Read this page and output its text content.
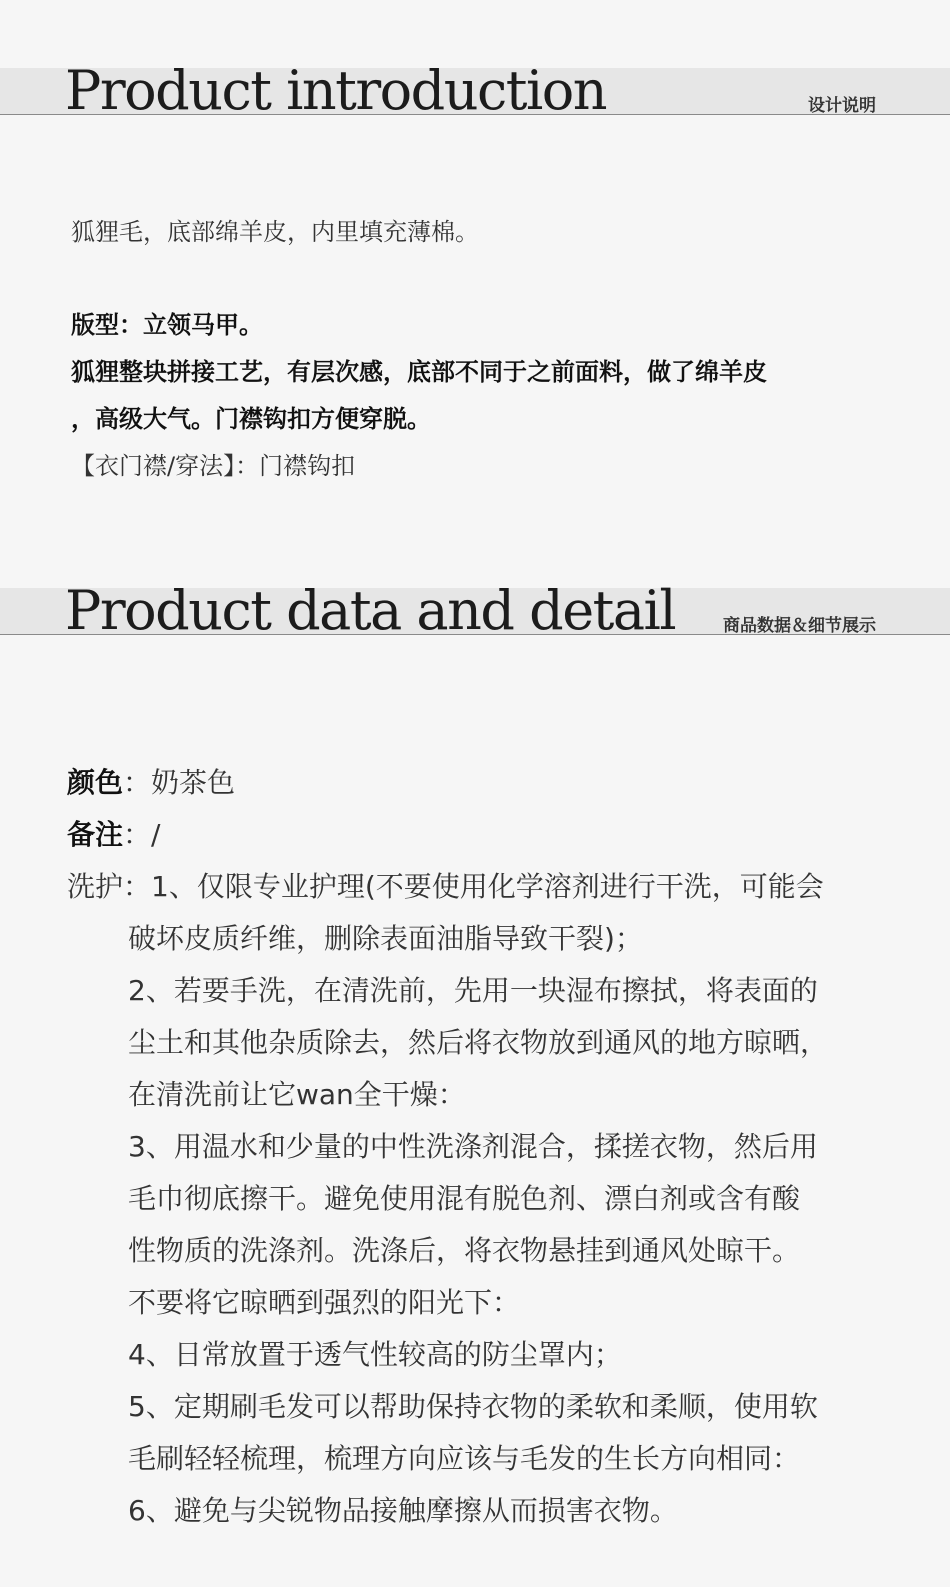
Product introduction	设计说明

狐狸毛，底部绵羊皮，内里填充薄棉。

版型：立领马甲。

狐狸整块拼接工艺，有层次感，底部不同于之前面料，做了绵羊皮

，高级大气。门襟钩扣方便穿脱。

【衣门襟/穿法】：门襟钩扣

Product data and detail	商品数据＆细节展示
颜色 ： 奶茶色
备注 ： /
洗护：1、仅限专业护理(不要使用化学溶剂进行干洗，可能会
破坏皮质纤维，删除表面油脂导致干裂)；
2、若要手洗，在清洗前，先用一块湿布擦拭，将表面的
尘土和其他杂质除去，然后将衣物放到通风的地方晾晒，
在清洗前让它wan全干燥：
3、用温水和少量的中性洗涤剂混合，揉搓衣物，然后用
毛巾彻底擦干。避免使用混有脱色剂、漂白剂或含有酸
性物质的洗涤剂。洗涤后，将衣物悬挂到通风处晾干。
不要将它晾晒到强烈的阳光下：
4、日常放置于透气性较高的防尘罩内；
5、定期刷毛发可以帮助保持衣物的柔软和柔顺，使用软
毛刷轻轻梳理，梳理方向应该与毛发的生长方向相同：
6、避免与尖锐物品接触摩擦从而损害衣物。
